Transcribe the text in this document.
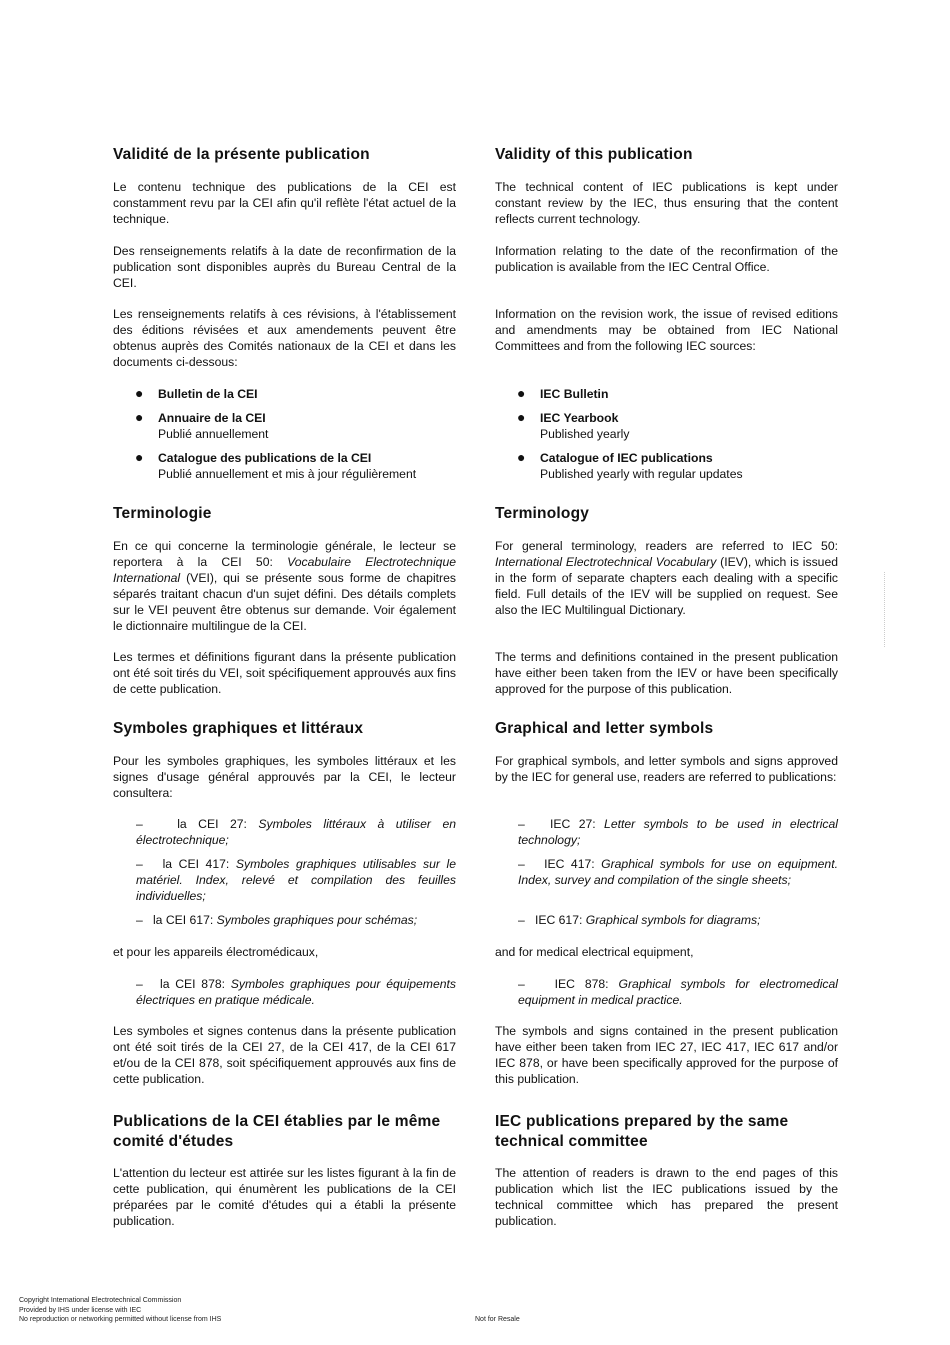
Validité de la présente publication

Le contenu technique des publications de la CEI est constamment revu par la CEI afin qu'il reflète l'état actuel de la technique.

Des renseignements relatifs à la date de reconfirmation de la publication sont disponibles auprès du Bureau Central de la CEI.

Les renseignements relatifs à ces révisions, à l'établissement des éditions révisées et aux amendements peuvent être obtenus auprès des Comités nationaux de la CEI et dans les documents ci-dessous:

● Bulletin de la CEI
● Annuaire de la CEI
Publié annuellement
● Catalogue des publications de la CEI
Publié annuellement et mis à jour régulièrement
Terminologie

En ce qui concerne la terminologie générale, le lecteur se reportera à la CEI 50: Vocabulaire Electrotechnique International (VEI), qui se présente sous forme de chapitres séparés traitant chacun d'un sujet défini. Des détails complets sur le VEI peuvent être obtenus sur demande. Voir également le dictionnaire multilingue de la CEI.

Les termes et définitions figurant dans la présente publication ont été soit tirés du VEI, soit spécifiquement approuvés aux fins de cette publication.

Symboles graphiques et littéraux

Pour les symboles graphiques, les symboles littéraux et les signes d'usage général approuvés par la CEI, le lecteur consultera:

–	la CEI 27: Symboles littéraux à utiliser en électrotechnique;

– la CEI 417: Symboles graphiques utilisables sur le matériel. Index, relevé et compilation des feuilles individuelles;

– la CEI 617: Symboles graphiques pour schémas;

et pour les appareils électromédicaux,

– la CEI 878: Symboles graphiques pour équipements électriques en pratique médicale.

Les symboles et signes contenus dans la présente publication ont été soit tirés de la CEI 27, de la CEI 417, de la CEI 617 et/ou de la CEI 878, soit spécifiquement approuvés aux fins de cette publication.

Publications de la CEI établies par le même comité d'études

L'attention du lecteur est attirée sur les listes figurant à la fin de cette publication, qui énumèrent les publications de la CEI préparées par le comité d'études qui a établi la présente publication.

Validity of this publication

The technical content of IEC publications is kept under constant review by the IEC, thus ensuring that the content reflects current technology.

Information relating to the date of the reconfirmation of the publication is available from the IEC Central Office.

Information on the revision work, the issue of revised editions and amendments may be obtained from IEC National Committees and from the following IEC sources:

● IEC Bulletin
● IEC Yearbook
Published yearly
● Catalogue of IEC publications
Published yearly with regular updates
Terminology

For general terminology, readers are referred to IEC 50: International Electrotechnical Vocabulary (IEV), which is issued in the form of separate chapters each dealing with a specific field. Full details of the IEV will be supplied on request. See also the IEC Multilingual Dictionary.

The terms and definitions contained in the present publication have either been taken from the IEV or have been specifically approved for the purpose of this publication.

Graphical and letter symbols

For graphical symbols, and letter symbols and signs approved by the IEC for general use, readers are referred to publications:

– IEC 27: Letter symbols to be used in electrical technology;

– IEC 417: Graphical symbols for use on equipment. Index, survey and compilation of the single sheets;

– IEC 617: Graphical symbols for diagrams;

and for medical electrical equipment,

– IEC 878: Graphical symbols for electromedical equipment in medical practice.

The symbols and signs contained in the present publication have either been taken from IEC 27, IEC 417, IEC 617 and/or IEC 878, or have been specifically approved for the purpose of this publication.

IEC publications prepared by the same technical committee

The attention of readers is drawn to the end pages of this publication which list the IEC publications issued by the technical committee which has prepared the present publication.

Copyright International Electrotechnical Commission
Provided by IHS under license with IEC
No reproduction or networking permitted without license from IHS	Not for Resale
